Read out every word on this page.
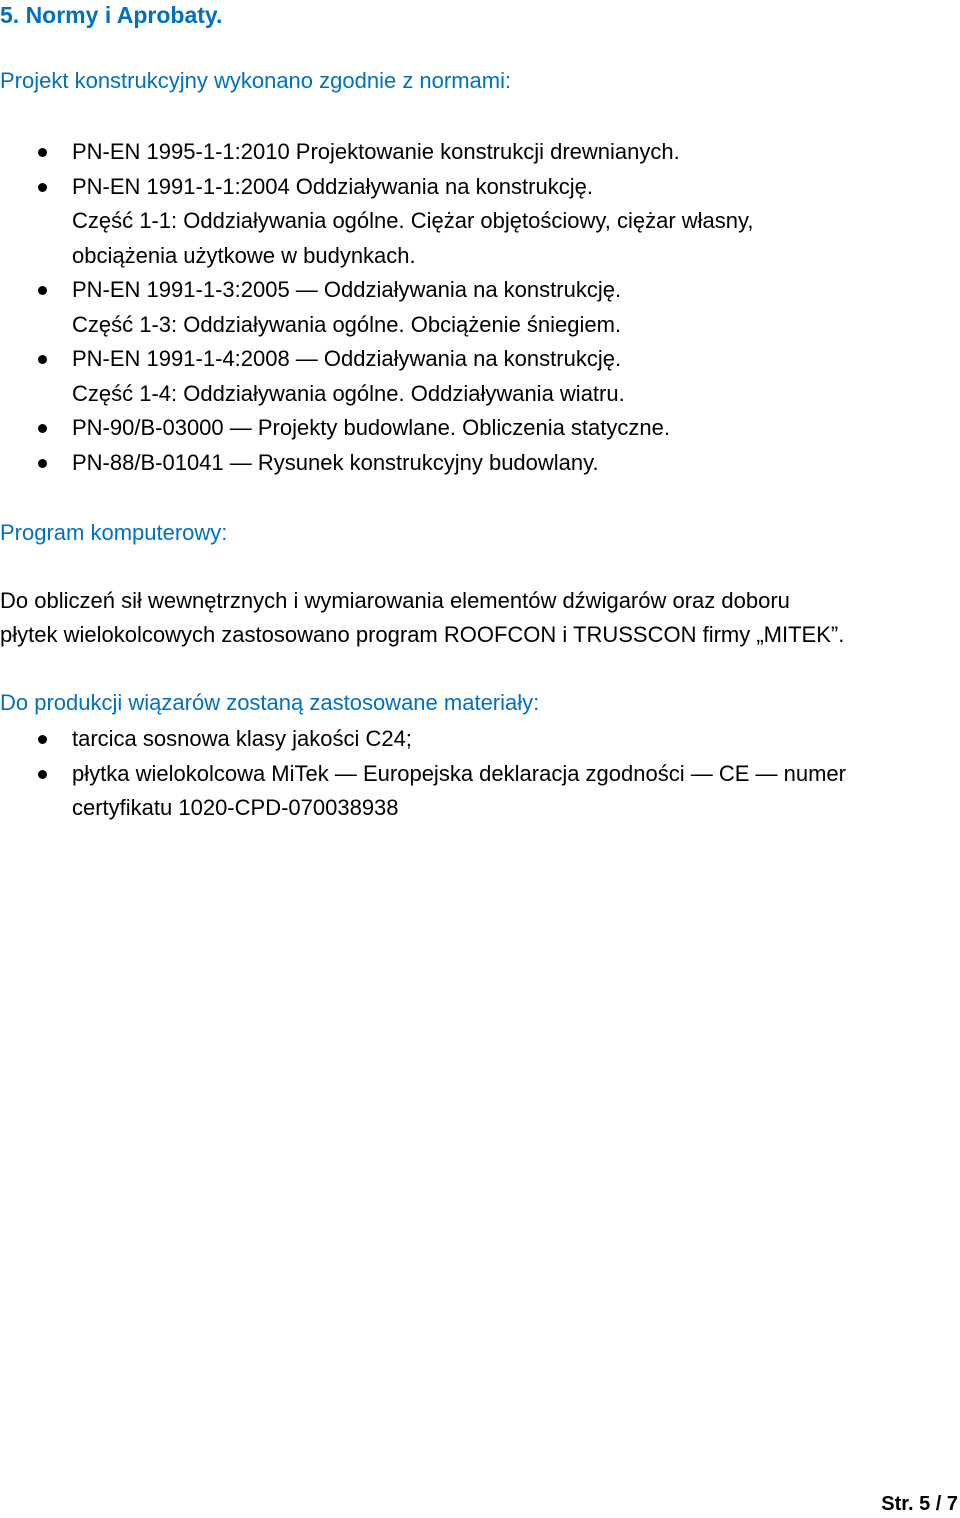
5. Normy i Aprobaty.
Projekt konstrukcyjny wykonano zgodnie z normami:
PN-EN 1995-1-1:2010 Projektowanie konstrukcji drewnianych.
PN-EN 1991-1-1:2004 Oddziaływania na konstrukcję.
Część 1-1: Oddziaływania ogólne. Ciężar objętościowy, ciężar własny,
obciążenia użytkowe w budynkach.
PN-EN 1991-1-3:2005 — Oddziaływania na konstrukcję.
Część 1-3: Oddziaływania ogólne. Obciążenie śniegiem.
PN-EN 1991-1-4:2008 — Oddziaływania na konstrukcję.
Część 1-4: Oddziaływania ogólne. Oddziaływania wiatru.
PN-90/B-03000 — Projekty budowlane. Obliczenia statyczne.
PN-88/B-01041 — Rysunek konstrukcyjny budowlany.
Program komputerowy:
Do obliczeń sił wewnętrznych i wymiarowania elementów dźwigarów oraz doboru
płytek wielokolcowych zastosowano program ROOFCON i TRUSSCON firmy „MITEK”.
Do produkcji wiązarów zostaną zastosowane materiały:
tarcica sosnowa klasy jakości C24;
płytka wielokolcowa MiTek — Europejska deklaracja zgodności — CE — numer
certyfikatu 1020-CPD-070038938
Str. 5 / 7
